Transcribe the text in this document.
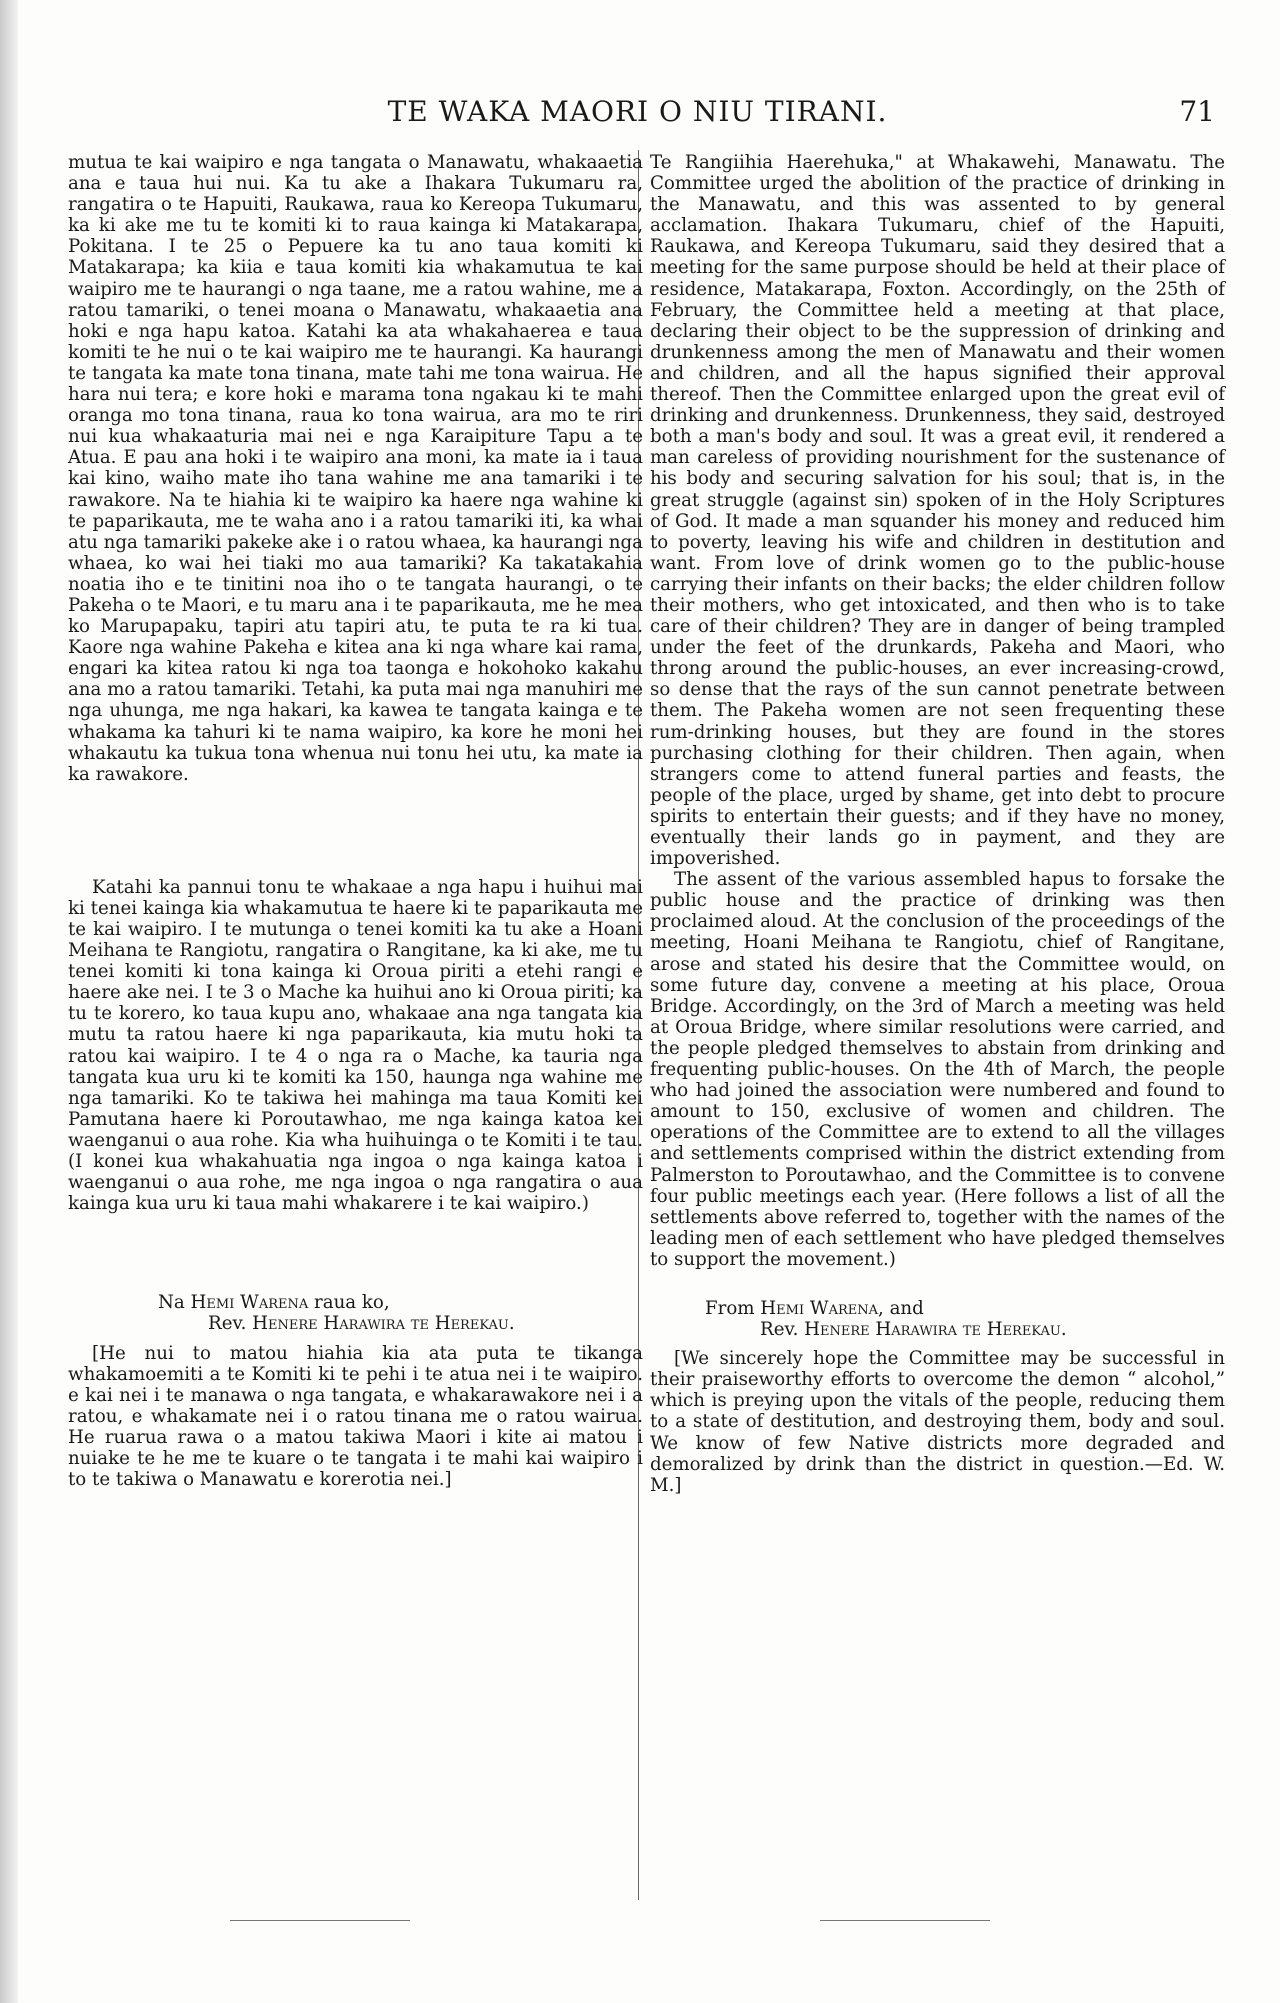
TE WAKA MAORI O NIU TIRANI.	71

mutua te kai waipiro e nga tangata o Manawatu, whakaaetia ana e taua hui nui. Ka tu ake a Ihakara Tukumaru ra, rangatira o te Hapuiti, Raukawa, raua ko Kereopa Tukumaru, ka ki ake me tu te komiti ki to raua kainga ki Matakarapa, Pokitana. I te 25 o Pepuere ka tu ano taua komiti ki Matakarapa; ka kiia e taua komiti kia whakamutua te kai waipiro me te haurangi o nga taane, me a ratou wahine, me a ratou tamariki, o tenei moana o Manawatu, whakaaetia ana hoki e nga hapu katoa. Katahi ka ata whakahaerea e taua komiti te he nui o te kai waipiro me te haurangi. Ka haurangi te tangata ka mate tona tinana, mate tahi me tona wairua. He hara nui tera; e kore hoki e marama tona ngakau ki te mahi oranga mo tona tinana, raua ko tona wairua, ara mo te riri nui kua whakaaturia mai nei e nga Karaipiture Tapu a te Atua. E pau ana hoki i te waipiro ana moni, ka mate ia i taua kai kino, waiho mate iho tana wahine me ana tamariki i te rawakore. Na te hiahia ki te waipiro ka haere nga wahine ki te paparikauta, me te waha ano i a ratou tamariki iti, ka whai atu nga tamariki pakeke ake i o ratou whaea, ka haurangi nga whaea, ko wai hei tiaki mo aua tamariki? Ka takatakahia noatia iho e te tinitini noa iho o te tangata haurangi, o te Pakeha o te Maori, e tu maru ana i te paparikauta, me he mea ko Marupapaku, tapiri atu tapiri atu, te puta te ra ki tua. Kaore nga wahine Pakeha e kitea ana ki nga whare kai rama, engari ka kitea ratou ki nga toa taonga e hokohoko kakahu ana mo a ratou tamariki. Tetahi, ka puta mai nga manuhiri me nga uhunga, me nga hakari, ka kawea te tangata kainga e te whakama ka tahuri ki te nama waipiro, ka kore he moni hei whakautu ka tukua tona whenua nui tonu hei utu, ka mate ia ka rawakore.

Katahi ka pannui tonu te whakaae a nga hapu i huihui mai ki tenei kainga kia whakamutua te haere ki te paparikauta me te kai waipiro. I te mutunga o tenei komiti ka tu ake a Hoani Meihana te Rangiotu, rangatira o Rangitane, ka ki ake, me tu tenei komiti ki tona kainga ki Oroua piriti a etehi rangi e haere ake nei. I te 3 o Mache ka huihui ano ki Oroua piriti; ka tu te korero, ko taua kupu ano, whakaae ana nga tangata kia mutu ta ratou haere ki nga paparikauta, kia mutu hoki ta ratou kai waipiro. I te 4 o nga ra o Mache, ka tauria nga tangata kua uru ki te komiti ka 150, haunga nga wahine me nga tamariki. Ko te takiwa hei mahinga ma taua Komiti kei Pamutana haere ki Poroutawhao, me nga kainga katoa kei waenganui o aua rohe. Kia wha huihuinga o te Komiti i te tau. (I konei kua whakahuatia nga ingoa o nga kainga katoa i waenganui o aua rohe, me nga ingoa o nga rangatira o aua kainga kua uru ki taua mahi whakarere i te kai waipiro.)

Na Hemi Warena raua ko,
Rev. Henere Harawira te Herekau.

[He nui to matou hiahia kia ata puta te tikanga whakamoemiti a te Komiti ki te pehi i te atua nei i te waipiro. e kai nei i te manawa o nga tangata, e whakarawakore nei i a ratou, e whakamate nei i o ratou tinana me o ratou wairua. He ruarua rawa o a matou takiwa Maori i kite ai matou i nuiake te he me te kuare o te tangata i te mahi kai waipiro i to te takiwa o Manawatu e korerotia nei.]

Te Rangiihia Haerehuka," at Whakawehi, Manawatu. The Committee urged the abolition of the practice of drinking in the Manawatu, and this was assented to by general acclamation. Ihakara Tukumaru, chief of the Hapuiti, Raukawa, and Kereopa Tukumaru, said they desired that a meeting for the same purpose should be held at their place of residence, Matakarapa, Foxton. Accordingly, on the 25th of February, the Committee held a meeting at that place, declaring their object to be the suppression of drinking and drunkenness among the men of Manawatu and their women and children, and all the hapus signified their approval thereof. Then the Committee enlarged upon the great evil of drinking and drunkenness. Drunkenness, they said, destroyed both a man's body and soul. It was a great evil, it rendered a man careless of providing nourishment for the sustenance of his body and securing salvation for his soul; that is, in the great struggle (against sin) spoken of in the Holy Scriptures of God. It made a man squander his money and reduced him to poverty, leaving his wife and children in destitution and want. From love of drink women go to the public-house carrying their infants on their backs; the elder children follow their mothers, who get intoxicated, and then who is to take care of their children? They are in danger of being trampled under the feet of the drunkards, Pakeha and Maori, who throng around the public-houses, an ever increasing-crowd, so dense that the rays of the sun cannot penetrate between them. The Pakeha women are not seen frequenting these rum-drinking houses, but they are found in the stores purchasing clothing for their children. Then again, when strangers come to attend funeral parties and feasts, the people of the place, urged by shame, get into debt to procure spirits to entertain their guests; and if they have no money, eventually their lands go in payment, and they are impoverished.

The assent of the various assembled hapus to forsake the public house and the practice of drinking was then proclaimed aloud. At the conclusion of the proceedings of the meeting, Hoani Meihana te Rangiotu, chief of Rangitane, arose and stated his desire that the Committee would, on some future day, convene a meeting at his place, Oroua Bridge. Accordingly, on the 3rd of March a meeting was held at Oroua Bridge, where similar resolutions were carried, and the people pledged themselves to abstain from drinking and frequenting public-houses. On the 4th of March, the people who had joined the association were numbered and found to amount to 150, exclusive of women and children. The operations of the Committee are to extend to all the villages and settlements comprised within the district extending from Palmerston to Poroutawhao, and the Committee is to convene four public meetings each year. (Here follows a list of all the settlements above referred to, together with the names of the leading men of each settlement who have pledged themselves to support the movement.)

From Hemi Warena, and
Rev. Henere Harawira te Herekau.

[We sincerely hope the Committee may be successful in their praiseworthy efforts to overcome the demon “ alcohol,” which is preying upon the vitals of the people, reducing them to a state of destitution, and destroying them, body and soul. We know of few Native districts more degraded and demoralized by drink than the district in question.—Ed. W. M.]
